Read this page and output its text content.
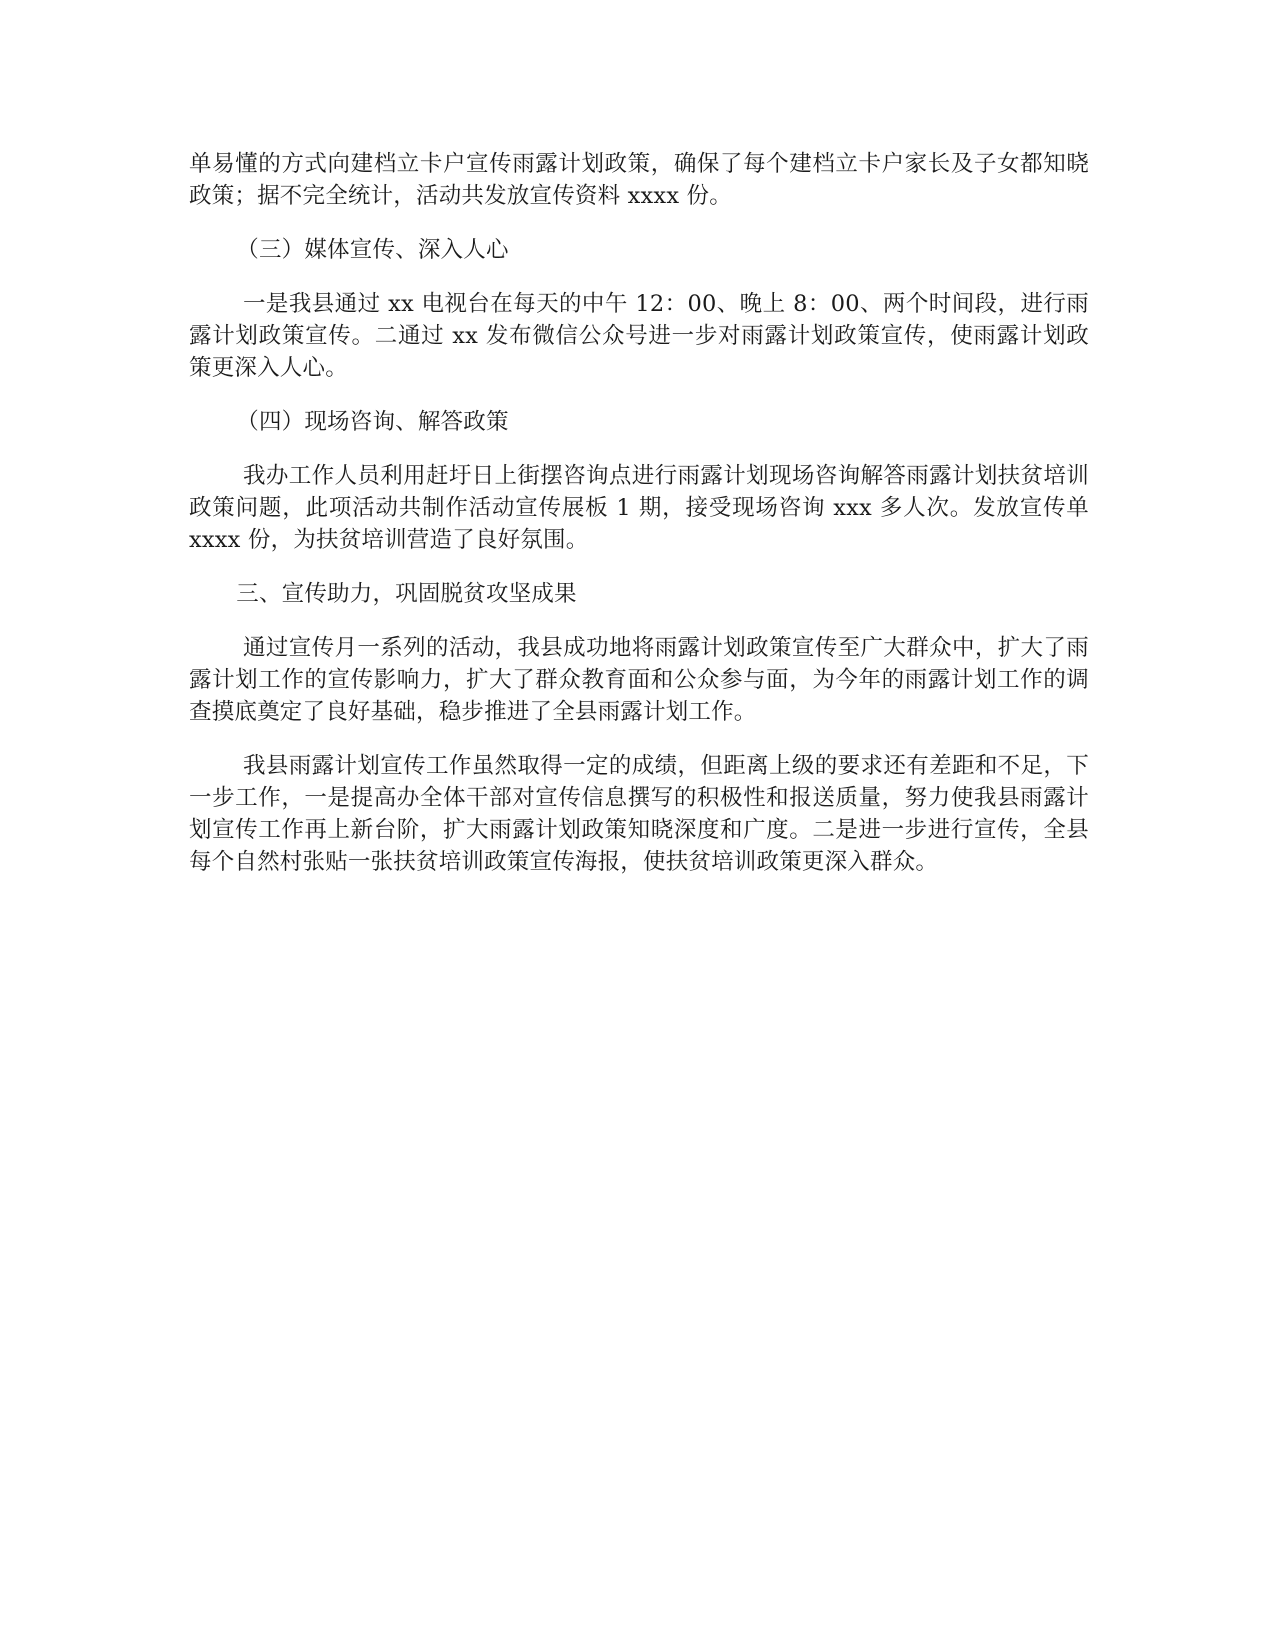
单易懂的方式向建档立卡户宣传雨露计划政策，确保了每个建档立卡户家长及子女都知晓政策；据不完全统计，活动共发放宣传资料 xxxx 份。

（三）媒体宣传、深入人心

一是我县通过 xx 电视台在每天的中午 12：00、晚上 8：00、两个时间段，进行雨露计划政策宣传。二通过 xx 发布微信公众号进一步对雨露计划政策宣传，使雨露计划政策更深入人心。

（四）现场咨询、解答政策

我办工作人员利用赶圩日上街摆咨询点进行雨露计划现场咨询解答雨露计划扶贫培训政策问题，此项活动共制作活动宣传展板 1 期，接受现场咨询 xxx 多人次。发放宣传单 xxxx 份，为扶贫培训营造了良好氛围。

三、宣传助力，巩固脱贫攻坚成果

通过宣传月一系列的活动，我县成功地将雨露计划政策宣传至广大群众中，扩大了雨露计划工作的宣传影响力，扩大了群众教育面和公众参与面，为今年的雨露计划工作的调查摸底奠定了良好基础，稳步推进了全县雨露计划工作。

我县雨露计划宣传工作虽然取得一定的成绩，但距离上级的要求还有差距和不足，下一步工作，一是提高办全体干部对宣传信息撰写的积极性和报送质量，努力使我县雨露计划宣传工作再上新台阶，扩大雨露计划政策知晓深度和广度。二是进一步进行宣传，全县每个自然村张贴一张扶贫培训政策宣传海报，使扶贫培训政策更深入群众。
